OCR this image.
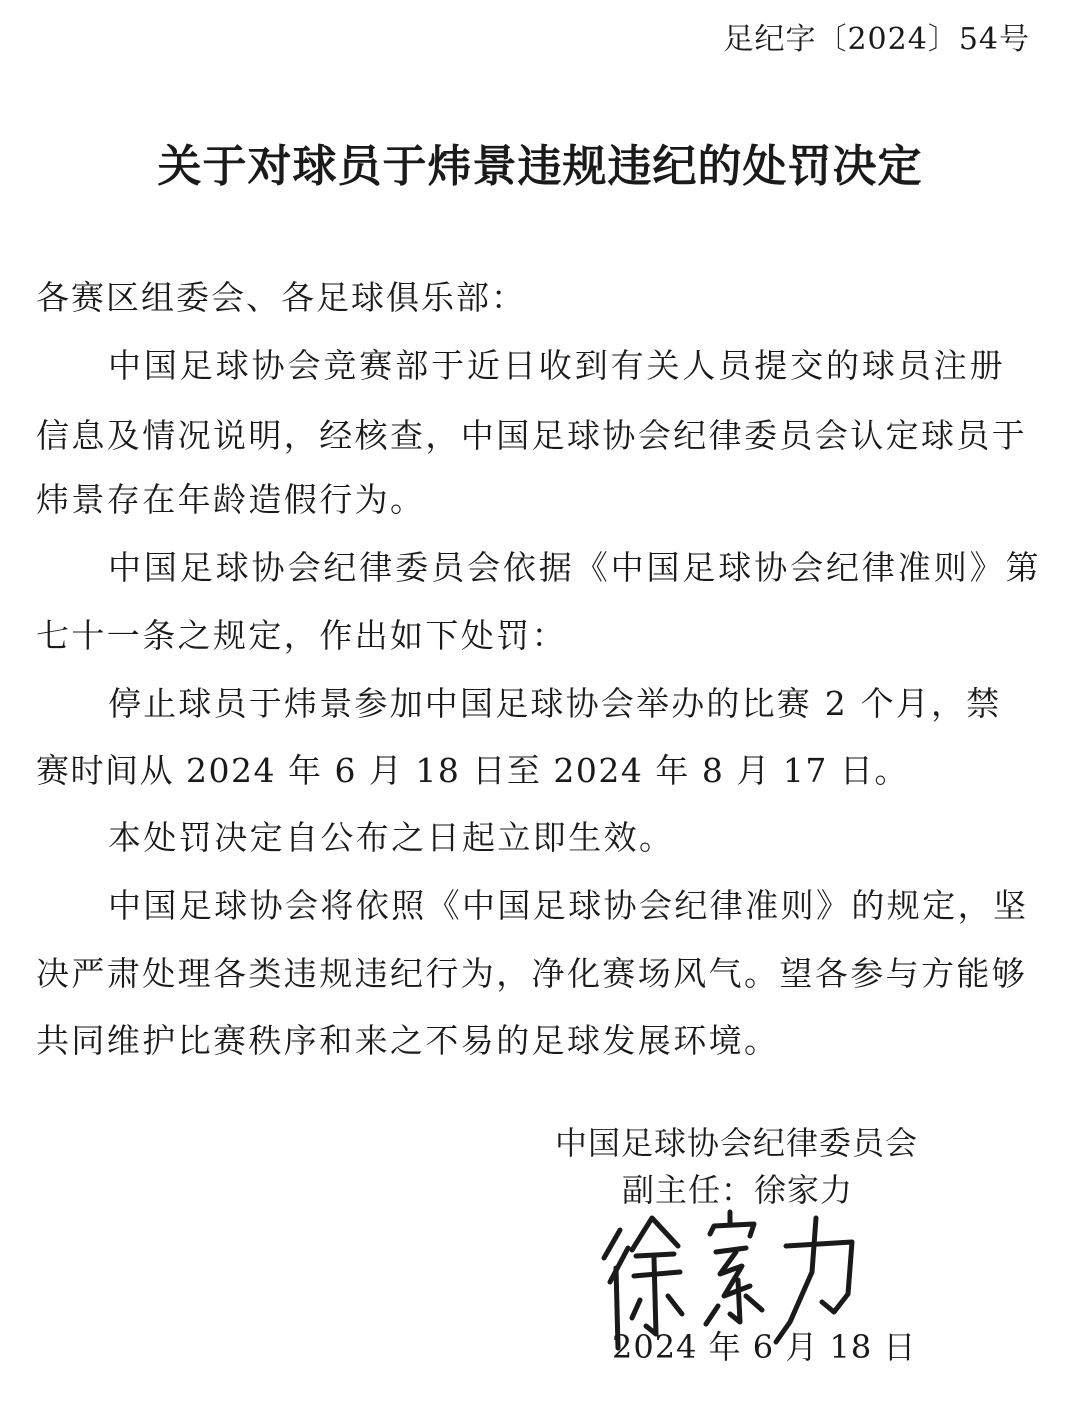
足纪字〔2024〕54号
关于对球员于炜景违规违纪的处罚决定
各赛区组委会、各足球俱乐部：
中国足球协会竞赛部于近日收到有关人员提交的球员注册
信息及情况说明，经核查，中国足球协会纪律委员会认定球员于
炜景存在年龄造假行为。
中国足球协会纪律委员会依据《中国足球协会纪律准则》第
七十一条之规定，作出如下处罚：
停止球员于炜景参加中国足球协会举办的比赛 2 个月，禁
赛时间从 2024 年 6 月 18 日至 2024 年 8 月 17 日。
本处罚决定自公布之日起立即生效。
中国足球协会将依照《中国足球协会纪律准则》的规定，坚
决严肃处理各类违规违纪行为，净化赛场风气。望各参与方能够
共同维护比赛秩序和来之不易的足球发展环境。
中国足球协会纪律委员会
副主任：徐家力
2024 年 6 月 18 日
